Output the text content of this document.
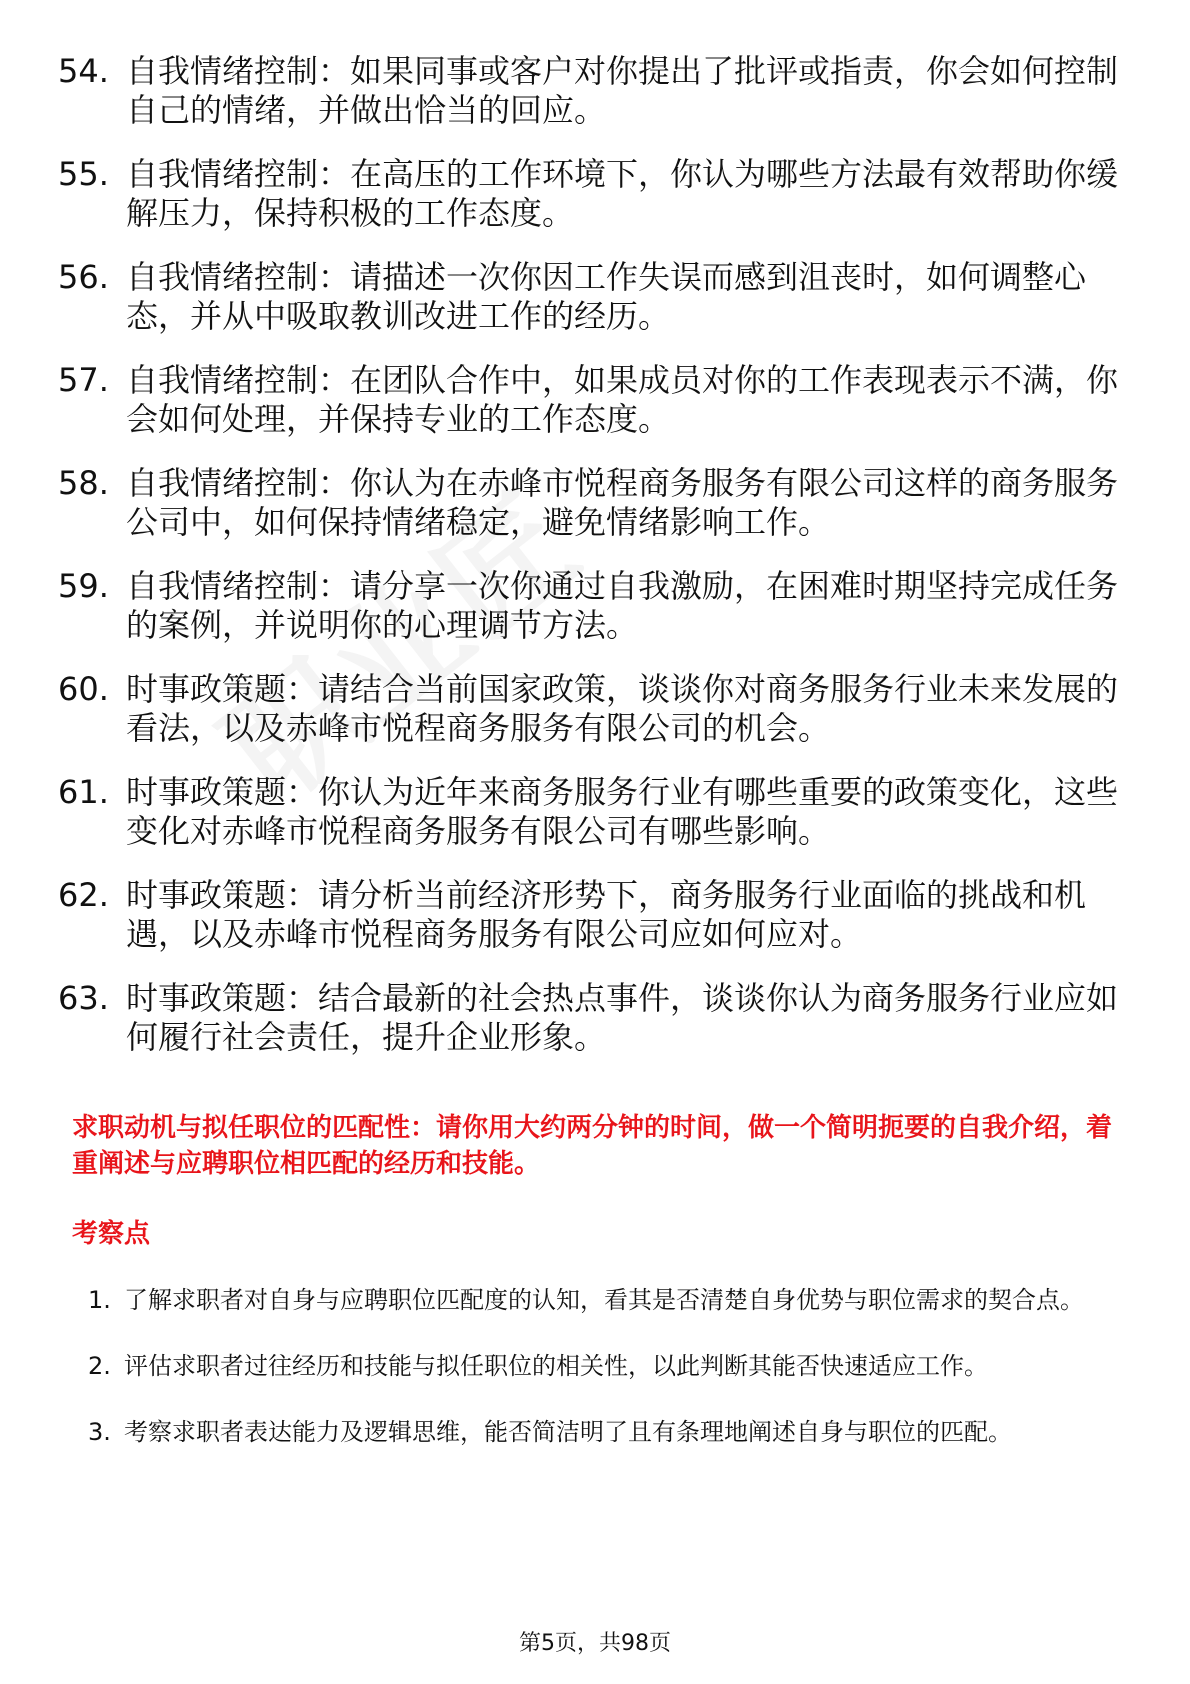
54. 自我情绪控制：如果同事或客户对你提出了批评或指责，你会如何控制自己的情绪，并做出恰当的回应。
55. 自我情绪控制：在高压的工作环境下，你认为哪些方法最有效帮助你缓解压力，保持积极的工作态度。
56. 自我情绪控制：请描述一次你因工作失误而感到沮丧时，如何调整心态，并从中吸取教训改进工作的经历。
57. 自我情绪控制：在团队合作中，如果成员对你的工作表现表示不满，你会如何处理，并保持专业的工作态度。
58. 自我情绪控制：你认为在赤峰市悦程商务服务有限公司这样的商务服务公司中，如何保持情绪稳定，避免情绪影响工作。
59. 自我情绪控制：请分享一次你通过自我激励，在困难时期坚持完成任务的案例，并说明你的心理调节方法。
60. 时事政策题：请结合当前国家政策，谈谈你对商务服务行业未来发展的看法，以及赤峰市悦程商务服务有限公司的机会。
61. 时事政策题：你认为近年来商务服务行业有哪些重要的政策变化，这些变化对赤峰市悦程商务服务有限公司有哪些影响。
62. 时事政策题：请分析当前经济形势下，商务服务行业面临的挑战和机遇，以及赤峰市悦程商务服务有限公司应如何应对。
63. 时事政策题：结合最新的社会热点事件，谈谈你认为商务服务行业应如何履行社会责任，提升企业形象。
求职动机与拟任职位的匹配性：请你用大约两分钟的时间，做一个简明扼要的自我介绍，着重阐述与应聘职位相匹配的经历和技能。
考察点
1. 了解求职者对自身与应聘职位匹配度的认知，看其是否清楚自身优势与职位需求的契合点。
2. 评估求职者过往经历和技能与拟任职位的相关性，以此判断其能否快速适应工作。
3. 考察求职者表达能力及逻辑思维，能否简洁明了且有条理地阐述自身与职位的匹配。
第5页，共98页
